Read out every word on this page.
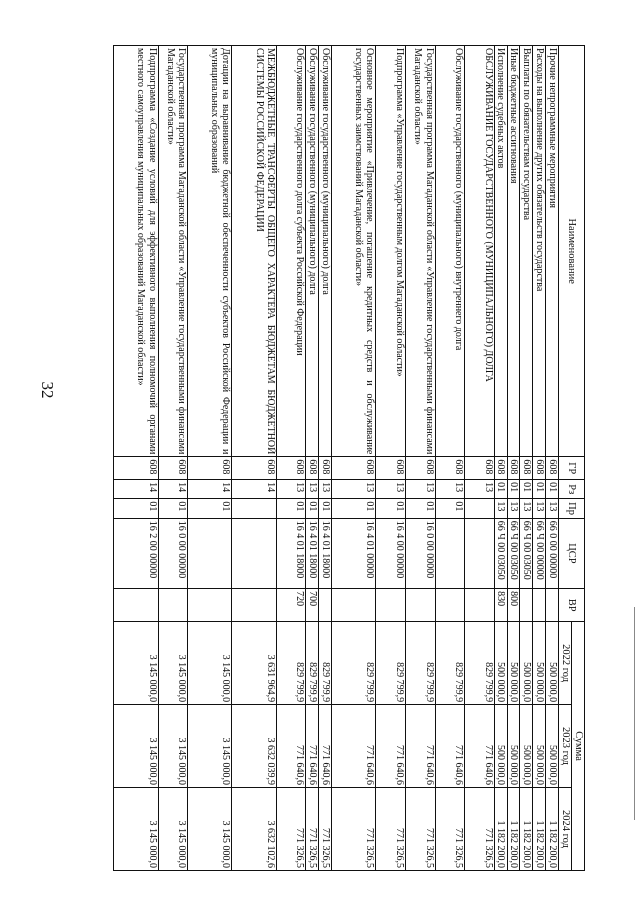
32
Наименование	ГР	Рз	Пр	ЦСР	ВР	Сумма		
						2022 год	2023 год	2024 год
Прочие непрограммные мероприятия	608	01	13	66 0 00 00000		500 000,0	500 000,0	1 182 200,0
Расходы на выполнение других обязательств государства	608	01	13	66 Ч 00 00000		500 000,0	500 000,0	1 182 200,0
Выплаты по обязательствам государства	608	01	13	66 Ч 00 03050		500 000,0	500 000,0	1 182 200,0
Иные бюджетные ассигнования	608	01	13	66 Ч 00 03050	800	500 000,0	500 000,0	1 182 200,0
Исполнение судебных актов	608	01	13	66 Ч 00 03050	830	500 000,0	500 000,0	1 182 200,0
ОБСЛУЖИВАНИЕ ГОСУДАРСТВЕННОГО (МУНИЦИПАЛЬНОГО) ДОЛГА	608	13				829 799,9	771 640,6	771 326,5
Обслуживание государственного (муниципального) внутреннего долга	608	13	01			829 799,9	771 640,6	771 326,5
Государственная программа Магаданской области «Управление государственными финансами Магаданской области»	608	13	01	16 0 00 00000		829 799,9	771 640,6	771 326,5
Подпрограмма «Управление государственным долгом Магаданской области»	608	13	01	16 4 00 00000		829 799,9	771 640,6	771 326,5
Основное мероприятие «Привлечение, погашение кредитных средств и обслуживание государственных заимствований Магаданской области»	608	13	01	16 4 01 00000		829 799,9	771 640,6	771 326,5
Обслуживание государственного (муниципального) долга	608	13	01	16 4 01 18000		829 799,9	771 640,6	771 326,5
Обслуживание государственного (муниципального) долга	608	13	01	16 4 01 18000	700	829 799,9	771 640,6	771 326,5
Обслуживание государственного долга субъекта Российской Федерации	608	13	01	16 4 01 18000	720	829 799,9	771 640,6	771 326,5
МЕЖБЮДЖЕТНЫЕ ТРАНСФЕРТЫ ОБЩЕГО ХАРАКТЕРА БЮДЖЕТАМ БЮДЖЕТНОЙ СИСТЕМЫ РОССИЙСКОЙ ФЕДЕРАЦИИ	608	14				3 631 964,9	3 632 039,9	3 632 102,6
Дотации на выравнивание бюджетной обеспеченности субъектов Российской Федерации и муниципальных образований	608	14	01			3 145 000,0	3 145 000,0	3 145 000,0
Государственная программа Магаданской области «Управление государственными финансами Магаданской области»	608	14	01	16 0 00 00000		3 145 000,0	3 145 000,0	3 145 000,0
Подпрограмма «Создание условий для эффективного выполнения полномочий органами местного самоуправления муниципальных образований Магаданской области»	608	14	01	16 2 00 00000		3 145 000,0	3 145 000,0	3 145 000,0
